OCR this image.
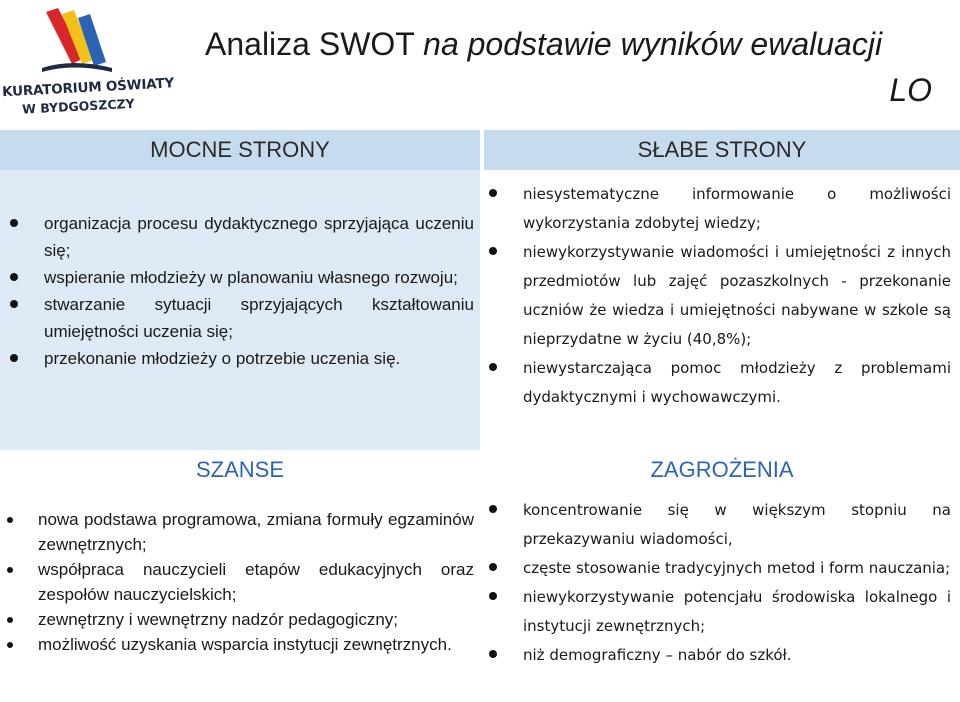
KURATORIUM OŚWIATY
W BYDGOSZCZY
Analiza SWOT na podstawie wyników ewaluacji
LO
MOCNE STRONY
organizacja procesu dydaktycznego sprzyjająca uczeniu się;
wspieranie młodzieży w planowaniu własnego rozwoju;
stwarzanie sytuacji sprzyjających kształtowaniu umiejętności uczenia się;
przekonanie młodzieży o potrzebie uczenia się.
SŁABE STRONY
niesystematyczne informowanie o możliwości wykorzystania zdobytej wiedzy;
niewykorzystywanie wiadomości i umiejętności z innych przedmiotów lub zajęć pozaszkolnych - przekonanie uczniów że wiedza i umiejętności nabywane w szkole są nieprzydatne w życiu (40,8%);
niewystarczająca pomoc młodzieży z problemami dydaktycznymi i wychowawczymi.
SZANSE
nowa podstawa programowa, zmiana formuły egzaminów zewnętrznych;
współpraca nauczycieli etapów edukacyjnych oraz zespołów nauczycielskich;
zewnętrzny i wewnętrzny nadzór pedagogiczny;
możliwość uzyskania wsparcia instytucji zewnętrznych.
ZAGROŻENIA
koncentrowanie się w większym stopniu na przekazywaniu wiadomości,
częste stosowanie tradycyjnych metod i form nauczania;
niewykorzystywanie potencjału środowiska lokalnego i instytucji zewnętrznych;
niż demograficzny – nabór do szkół.
